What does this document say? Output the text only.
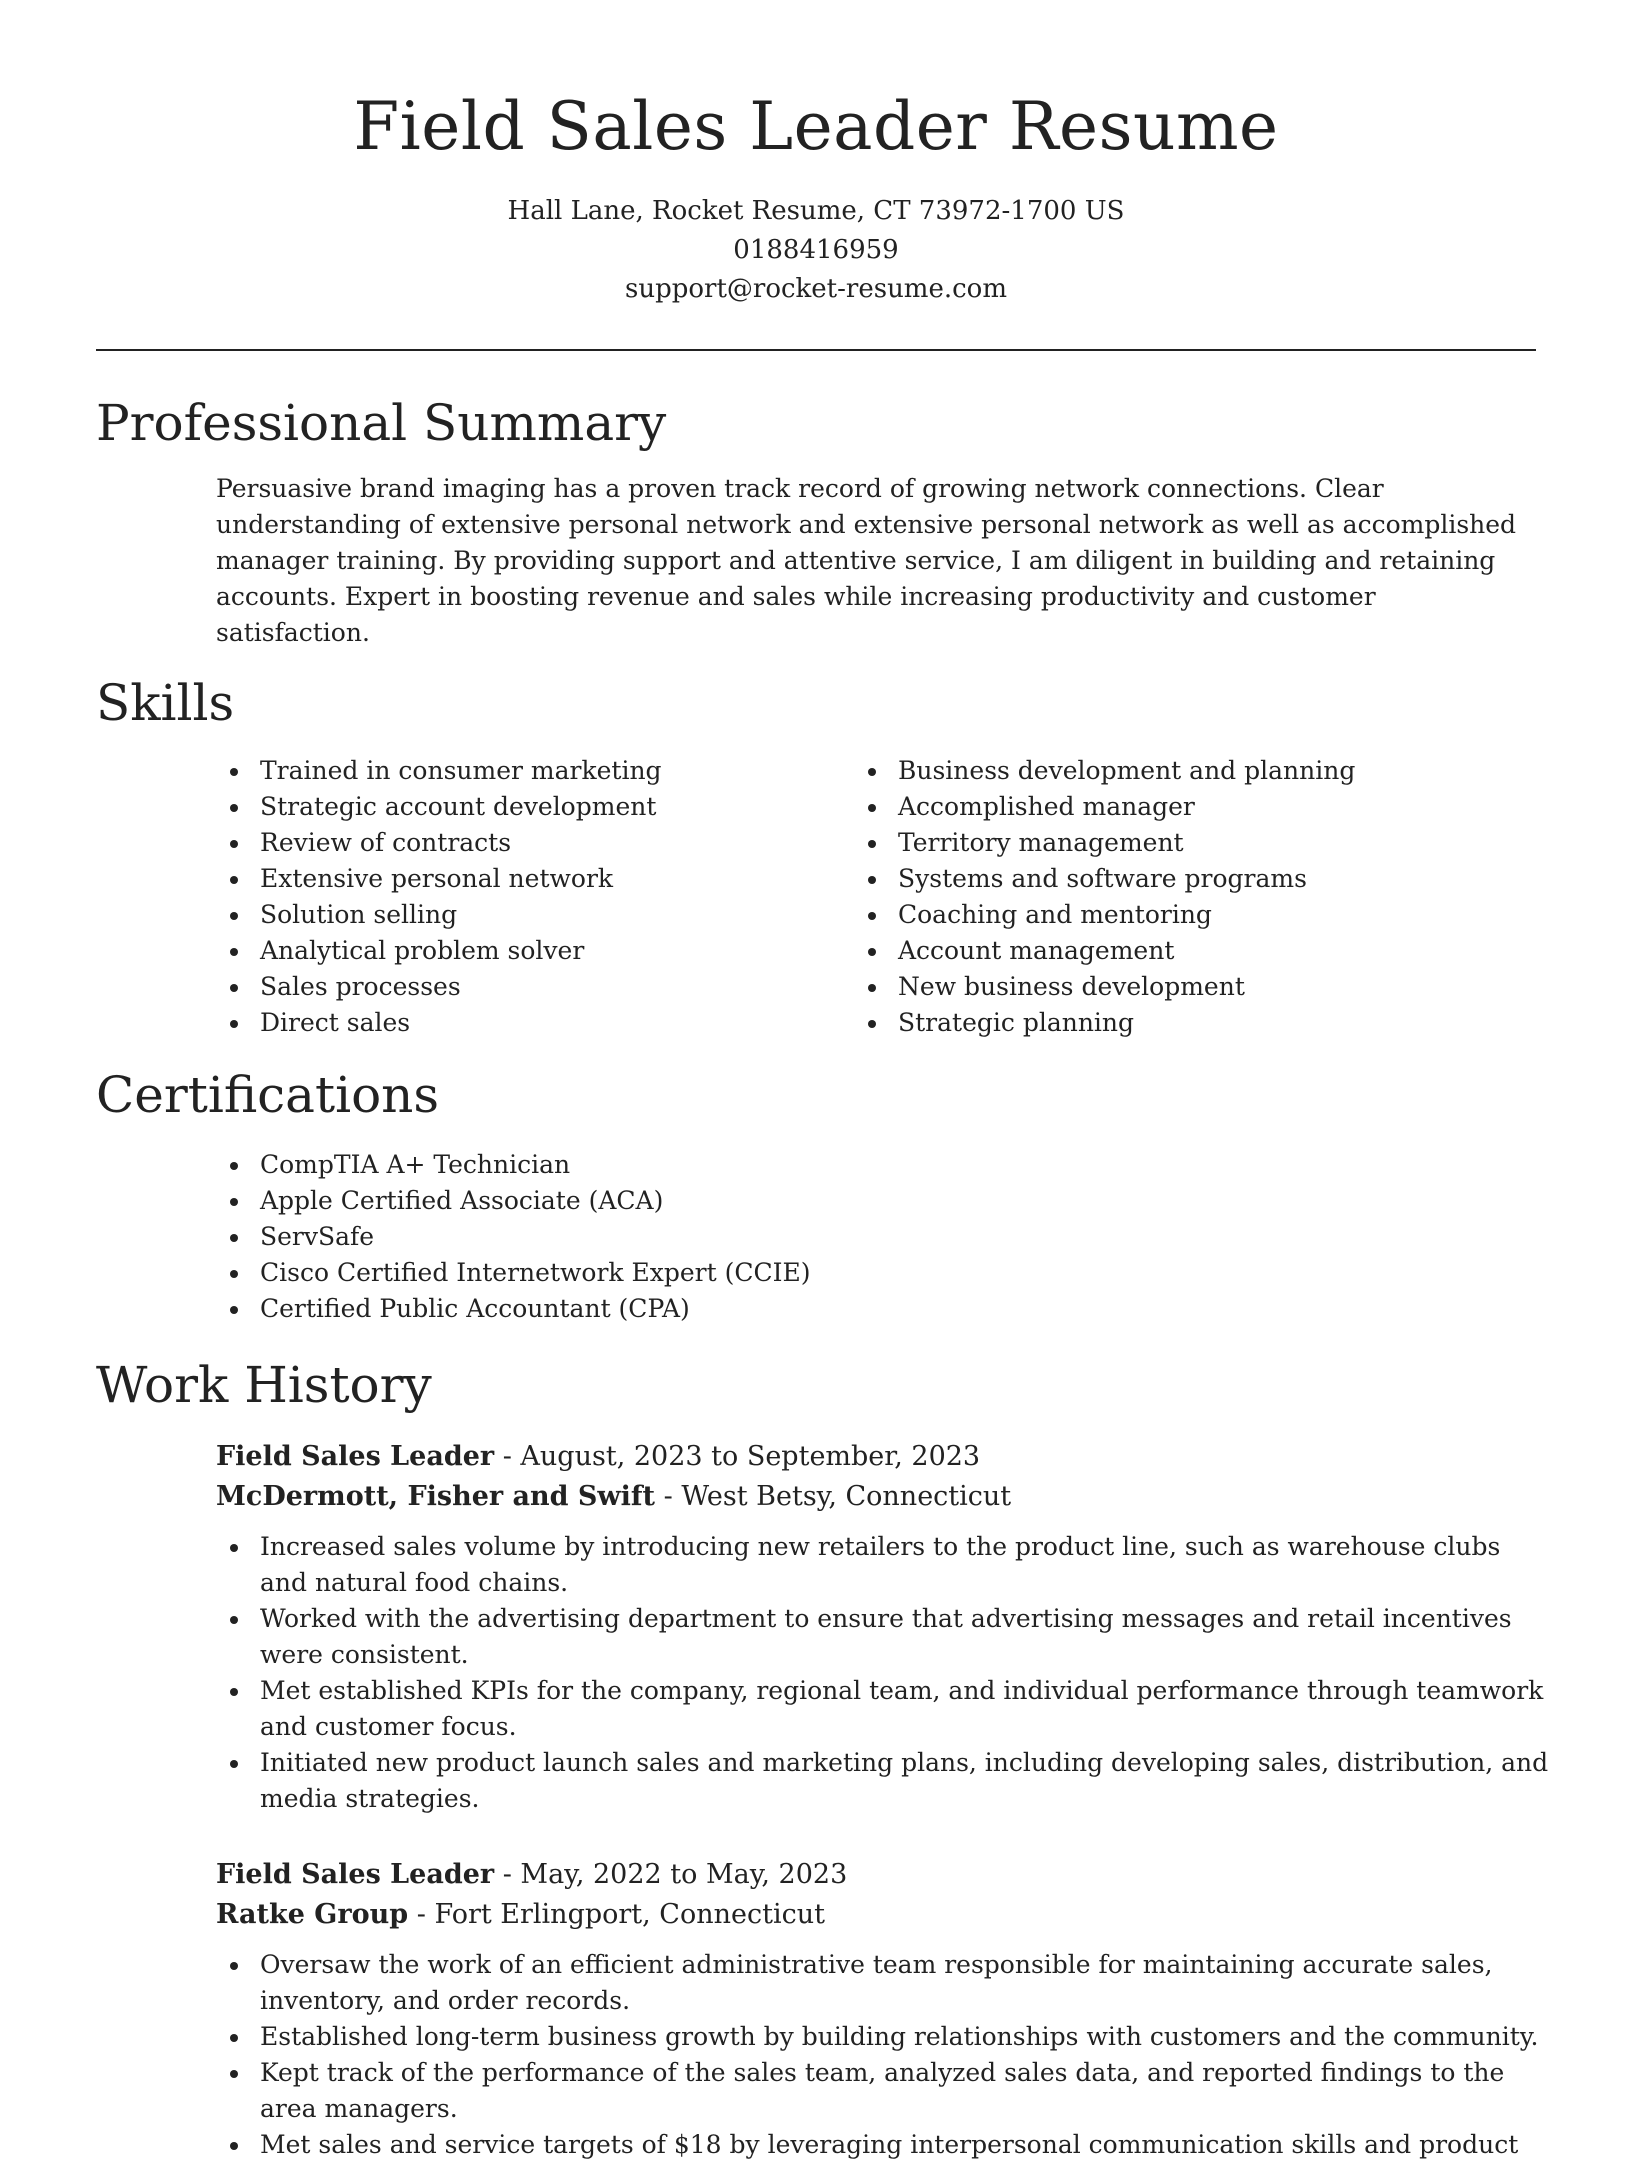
Field Sales Leader Resume
Hall Lane, Rocket Resume, CT 73972-1700 US
0188416959
support@rocket-resume.com
Professional Summary

Persuasive brand imaging has a proven track record of growing network connections. Clear understanding of extensive personal network and extensive personal network as well as accomplished manager training. By providing support and attentive service, I am diligent in building and retaining accounts. Expert in boosting revenue and sales while increasing productivity and customer satisfaction.

Skills
Trained in consumer marketing
Strategic account development
Review of contracts
Extensive personal network
Solution selling
Analytical problem solver
Sales processes
Direct sales
Business development and planning
Accomplished manager
Territory management
Systems and software programs
Coaching and mentoring
Account management
New business development
Strategic planning
Certifications
CompTIA A+ Technician
Apple Certified Associate (ACA)
ServSafe
Cisco Certified Internetwork Expert (CCIE)
Certified Public Accountant (CPA)
Work History
Field Sales Leader - August, 2023 to September, 2023
McDermott, Fisher and Swift - West Betsy, Connecticut
Increased sales volume by introducing new retailers to the product line, such as warehouse clubs and natural food chains.
Worked with the advertising department to ensure that advertising messages and retail incentives were consistent.
Met established KPIs for the company, regional team, and individual performance through teamwork and customer focus.
Initiated new product launch sales and marketing plans, including developing sales, distribution, and media strategies.
Field Sales Leader - May, 2022 to May, 2023
Ratke Group - Fort Erlingport, Connecticut
Oversaw the work of an efficient administrative team responsible for maintaining accurate sales, inventory, and order records.
Established long-term business growth by building relationships with customers and the community.
Kept track of the performance of the sales team, analyzed sales data, and reported findings to the area managers.
Met sales and service targets of $18 by leveraging interpersonal communication skills and product
